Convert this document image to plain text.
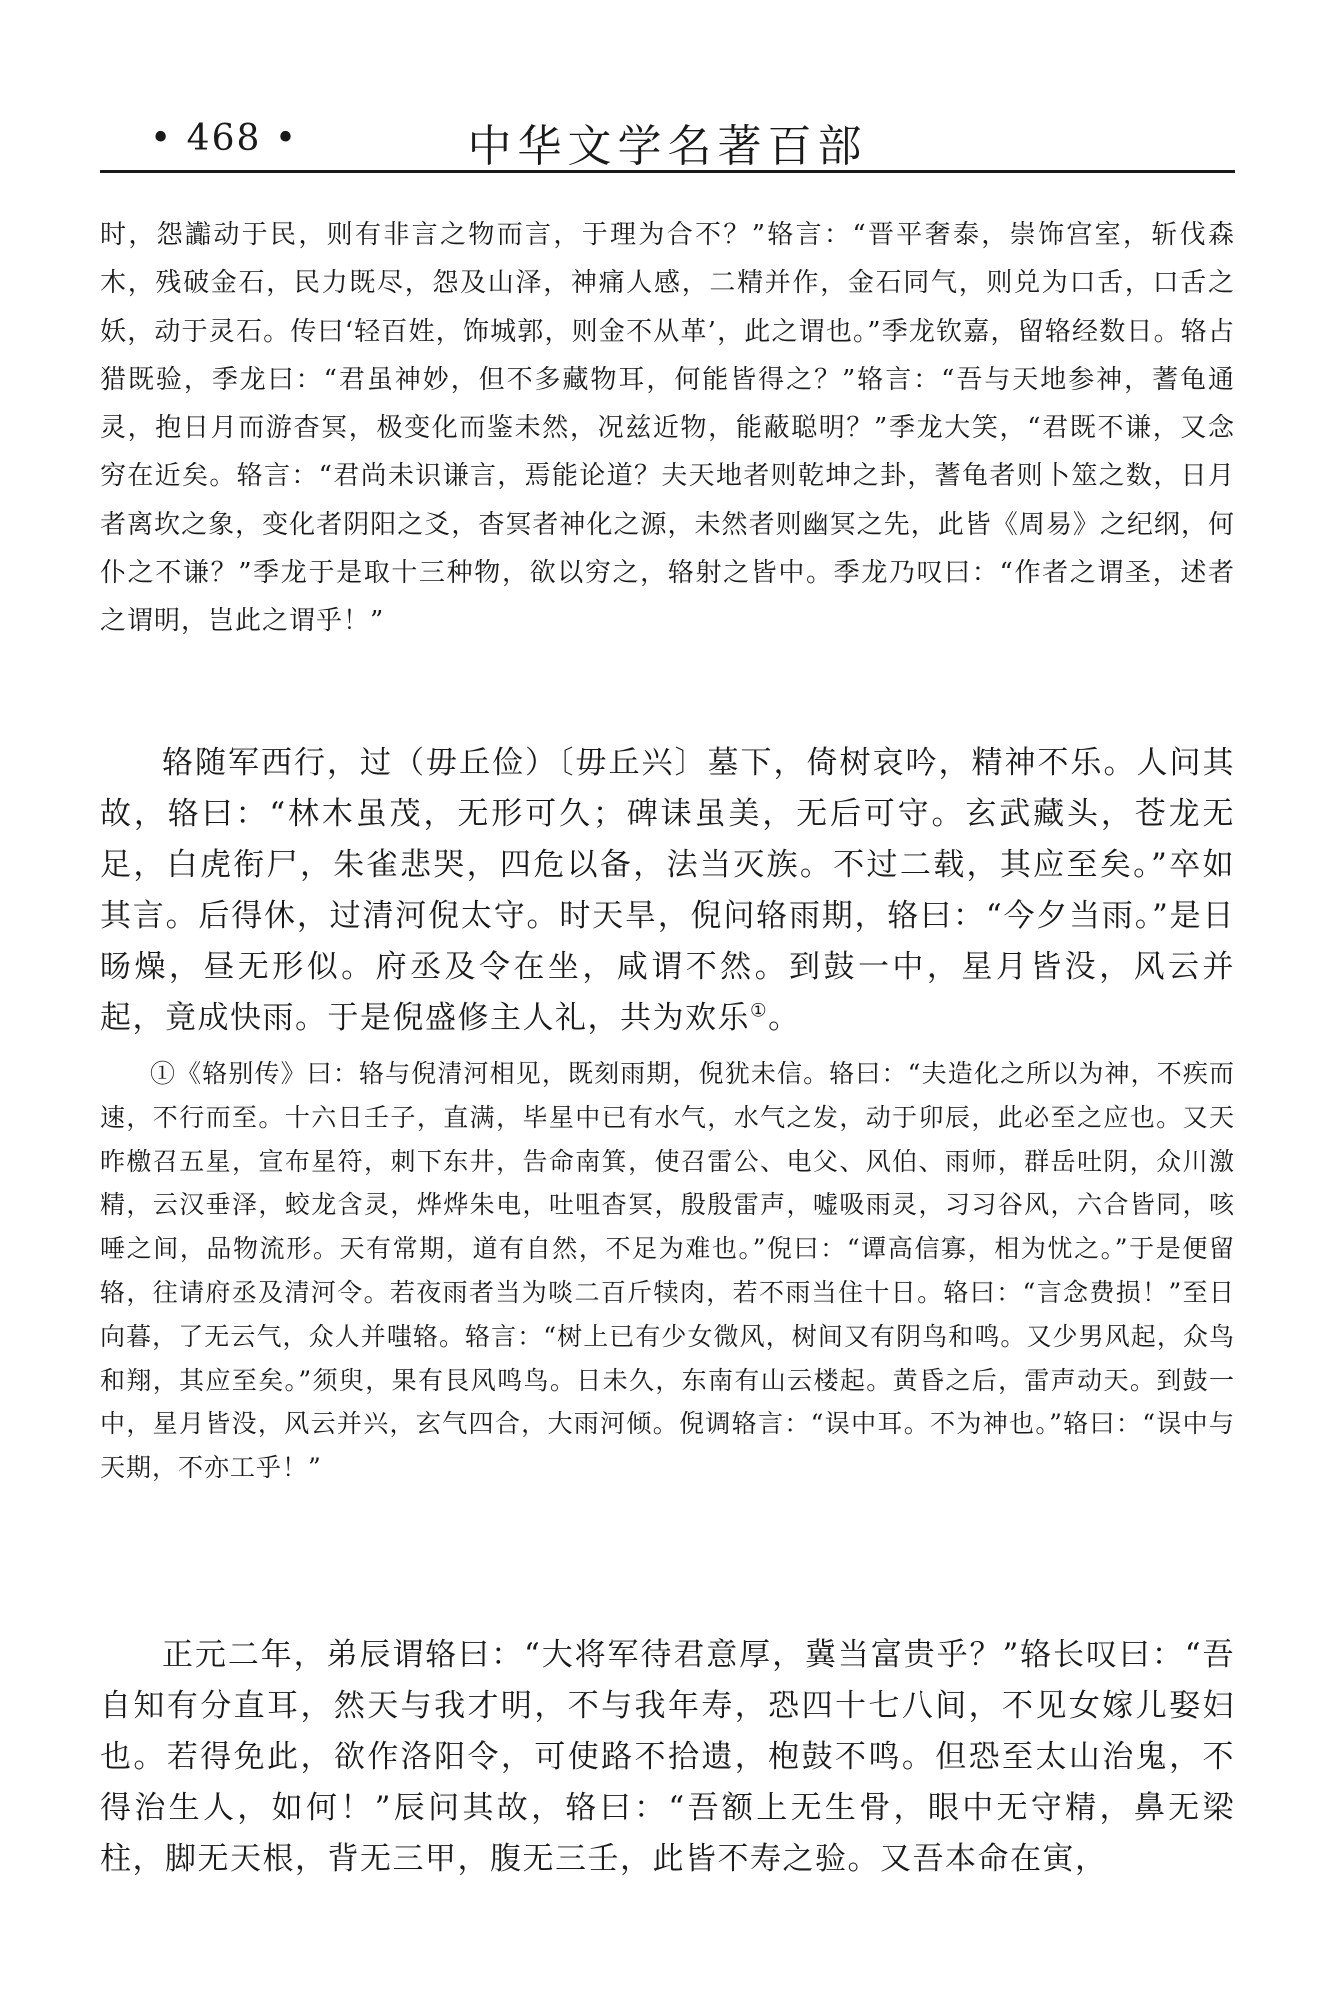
• 468 •	中华文学名著百部

时，怨讟动于民，则有非言之物而言，于理为合不？”辂言：“晋平奢泰，崇饰宫室，斩伐森木，残破金石，民力既尽，怨及山泽，神痛人感，二精并作，金石同气，则兑为口舌，口舌之妖，动于灵石。传曰‘轻百姓，饰城郭，则金不从革’，此之谓也。”季龙钦嘉，留辂经数日。辂占猎既验，季龙曰：“君虽神妙，但不多藏物耳，何能皆得之？”辂言：“吾与天地参神，蓍龟通灵，抱日月而游杳冥，极变化而鉴未然，况兹近物，能蔽聪明？”季龙大笑，“君既不谦，又念穷在近矣。辂言：“君尚未识谦言，焉能论道？夫天地者则乾坤之卦，蓍龟者则卜筮之数，日月者离坎之象，变化者阴阳之爻，杳冥者神化之源，未然者则幽冥之先，此皆《周易》之纪纲，何仆之不谦？”季龙于是取十三种物，欲以穷之，辂射之皆中。季龙乃叹曰：“作者之谓圣，述者之谓明，岂此之谓乎！”

辂随军西行，过（毋丘俭）〔毋丘兴〕墓下，倚树哀吟，精神不乐。人问其故，辂曰：“林木虽茂，无形可久；碑诔虽美，无后可守。玄武藏头，苍龙无足，白虎衔尸，朱雀悲哭，四危以备，法当灭族。不过二载，其应至矣。”卒如其言。后得休，过清河倪太守。时天旱，倪问辂雨期，辂曰：“今夕当雨。”是日旸燥，昼无形似。府丞及令在坐，咸谓不然。到鼓一中，星月皆没，风云并起，竟成快雨。于是倪盛修主人礼，共为欢乐①。

①《辂别传》曰：辂与倪清河相见，既刻雨期，倪犹未信。辂曰：“夫造化之所以为神，不疾而速，不行而至。十六日壬子，直满，毕星中已有水气，水气之发，动于卯辰，此必至之应也。又天昨檄召五星，宣布星符，刺下东井，告命南箕，使召雷公、电父、风伯、雨师，群岳吐阴，众川激精，云汉垂泽，蛟龙含灵，烨烨朱电，吐咀杳冥，殷殷雷声，嘘吸雨灵，习习谷风，六合皆同，咳唾之间，品物流形。天有常期，道有自然，不足为难也。”倪曰：“谭高信寡，相为忧之。”于是便留辂，往请府丞及清河令。若夜雨者当为啖二百斤犊肉，若不雨当住十日。辂曰：“言念费损！”至日向暮，了无云气，众人并嗤辂。辂言：“树上已有少女微风，树间又有阴鸟和鸣。又少男风起，众鸟和翔，其应至矣。”须臾，果有艮风鸣鸟。日未久，东南有山云楼起。黄昏之后，雷声动天。到鼓一中，星月皆没，风云并兴，玄气四合，大雨河倾。倪调辂言：“误中耳。不为神也。”辂曰：“误中与天期，不亦工乎！”

正元二年，弟辰谓辂曰：“大将军待君意厚，冀当富贵乎？”辂长叹曰：“吾自知有分直耳，然天与我才明，不与我年寿，恐四十七八间，不见女嫁儿娶妇也。若得免此，欲作洛阳令，可使路不拾遗，枹鼓不鸣。但恐至太山治鬼，不得治生人，如何！”辰问其故，辂曰：“吾额上无生骨，眼中无守精，鼻无梁柱，脚无天根，背无三甲，腹无三壬，此皆不寿之验。又吾本命在寅，
